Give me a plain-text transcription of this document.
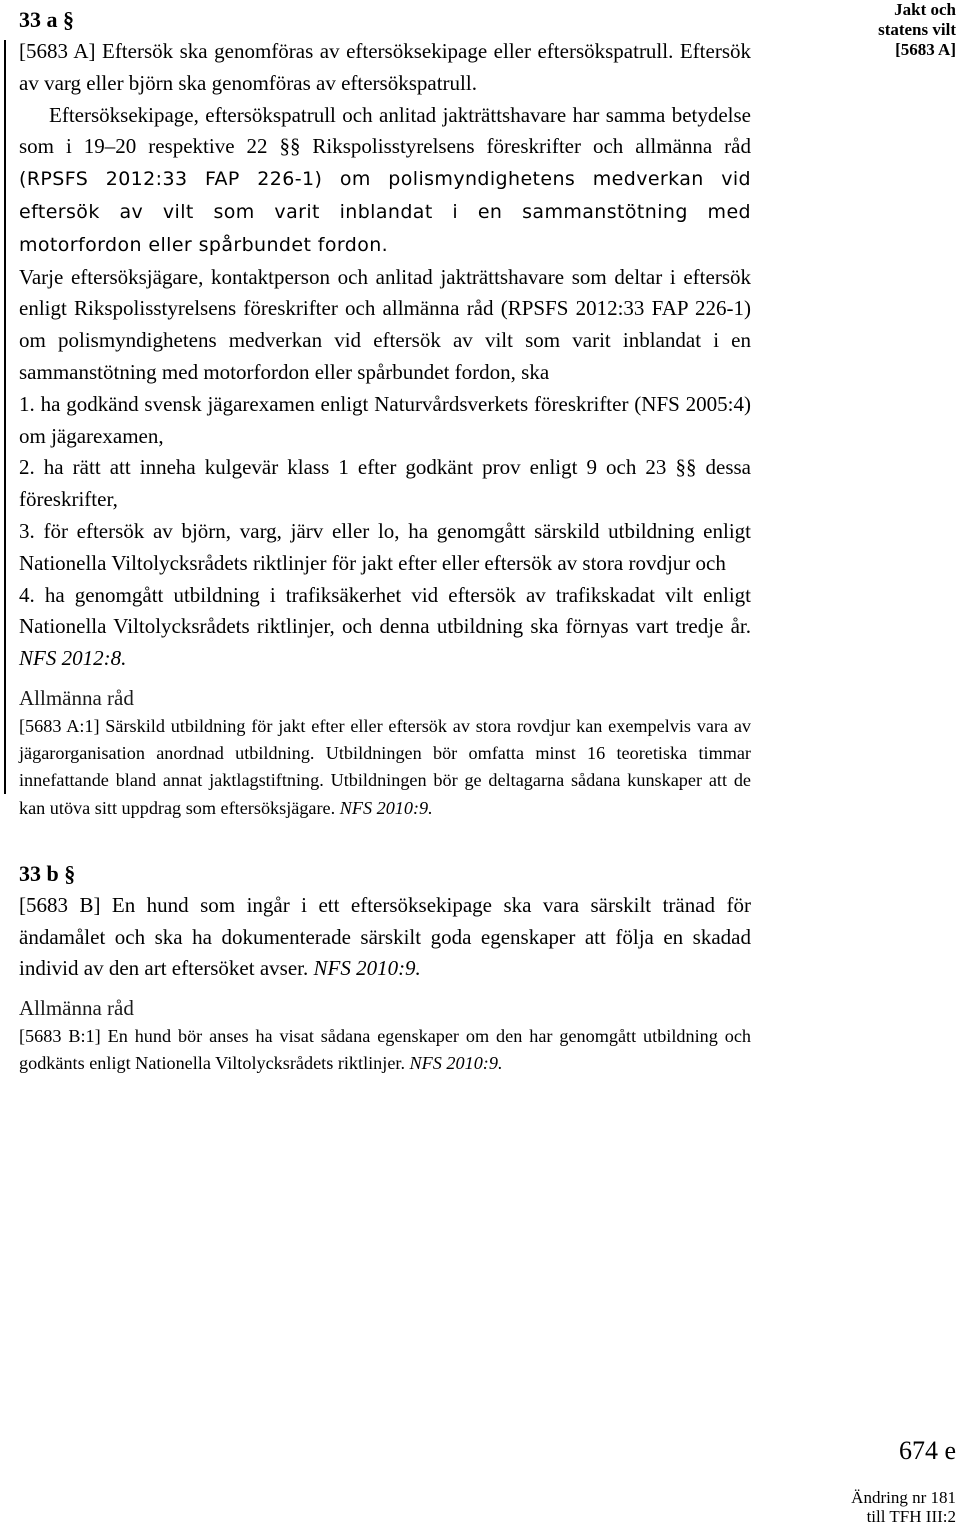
Jakt och
statens vilt
[5683 A]
33 a §

[5683 A] Eftersök ska genomföras av eftersöksekipage eller eftersökspatrull. Eftersök av varg eller björn ska genomföras av eftersökspatrull.

Eftersöksekipage, eftersökspatrull och anlitad jakträttshavare har samma betydelse som i 19–20 respektive 22 §§ Rikspolisstyrelsens föreskrifter och allmänna råd (RPSFS 2012:33 FAP 226-1) om polismyndighetens medverkan vid eftersök av vilt som varit inblandat i en sammanstötning med motorfordon eller spårbundet fordon.

Varje eftersöksjägare, kontaktperson och anlitad jakträttshavare som deltar i eftersök enligt Rikspolisstyrelsens föreskrifter och allmänna råd (RPSFS 2012:33 FAP 226-1) om polismyndighetens medverkan vid eftersök av vilt som varit inblandat i en sammanstötning med motorfordon eller spårbundet fordon, ska

1. ha godkänd svensk jägarexamen enligt Naturvårdsverkets föreskrifter (NFS 2005:4) om jägarexamen,

2. ha rätt att inneha kulgevär klass 1 efter godkänt prov enligt 9 och 23 §§ dessa föreskrifter,

3. för eftersök av björn, varg, järv eller lo, ha genomgått särskild utbildning enligt Nationella Viltolycksrådets riktlinjer för jakt efter eller eftersök av stora rovdjur och

4. ha genomgått utbildning i trafiksäkerhet vid eftersök av trafikskadat vilt enligt Nationella Viltolycksrådets riktlinjer, och denna utbildning ska förnyas vart tredje år. NFS 2012:8.

Allmänna råd

[5683 A:1] Särskild utbildning för jakt efter eller eftersök av stora rovdjur kan exempelvis vara av jägarorganisation anordnad utbildning. Utbildningen bör omfatta minst 16 teoretiska timmar innefattande bland annat jaktlagstiftning. Utbildningen bör ge deltagarna sådana kunskaper att de kan utöva sitt uppdrag som eftersöksjägare. NFS 2010:9.

33 b §

[5683 B] En hund som ingår i ett eftersöksekipage ska vara särskilt tränad för ändamålet och ska ha dokumenterade särskilt goda egenskaper att följa en skadad individ av den art eftersöket avser. NFS 2010:9.

Allmänna råd

[5683 B:1] En hund bör anses ha visat sådana egenskaper om den har genomgått utbildning och godkänts enligt Nationella Viltolycksrådets riktlinjer. NFS 2010:9.

674 e
Ändring nr 181
till TFH III:2
